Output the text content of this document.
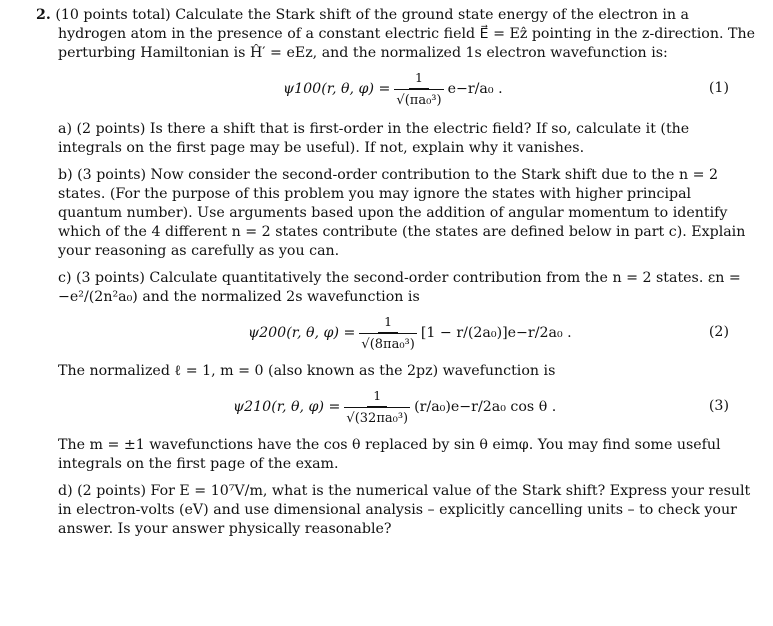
2. (10 points total) Calculate the Stark shift of the ground state energy of the electron in a hydrogen atom in the presence of a constant electric field E⃗ = Eẑ pointing in the z-direction. The perturbing Hamiltonian is Ĥ′ = eEz, and the normalized 1s electron wavefunction is:

ψ100(r, θ, $\varphi) = \frac{1}{\text{√(πa₀³)}} e-r/a_0$ .	(1)

a) (2 points) Is there a shift that is first-order in the electric field? If so, calculate it (the integrals on the first page may be useful). If not, explain why it vanishes.

b) (3 points) Now consider the second-order contribution to the Stark shift due to the n = 2 states. (For the purpose of this problem you may ignore the states with higher principal quantum number). Use arguments based upon the addition of angular momentum to identify which of the 4 different n = 2 states contribute (the states are defined below in part c). Explain your reasoning as carefully as you can.

c) (3 points) Calculate quantitatively the second-order contribution from the n = 2 states. εn = −e²/(2n²a₀) and the normalized 2s wavefunction is

ψ200(r, θ, $\varphi) = \frac{1}{\text{√(8πa₀³)}} [1 - r/(2a_0)]e-r/2a_0$ .	(2)

The normalized ℓ = 1, m = 0 (also known as the 2pz) wavefunction is

ψ210(r, θ, $\varphi) = \frac{1}{\text{√(32πa₀³)}} (r/a_0)e-r/2a_0$ cos θ .	(3)

The m = ±1 wavefunctions have the cos θ replaced by sin θ eimφ. You may find some useful integrals on the first page of the exam.

d) (2 points) For E = 10⁷V/m, what is the numerical value of the Stark shift? Express your result in electron-volts (eV) and use dimensional analysis – explicitly cancelling units – to check your answer. Is your answer physically reasonable?
